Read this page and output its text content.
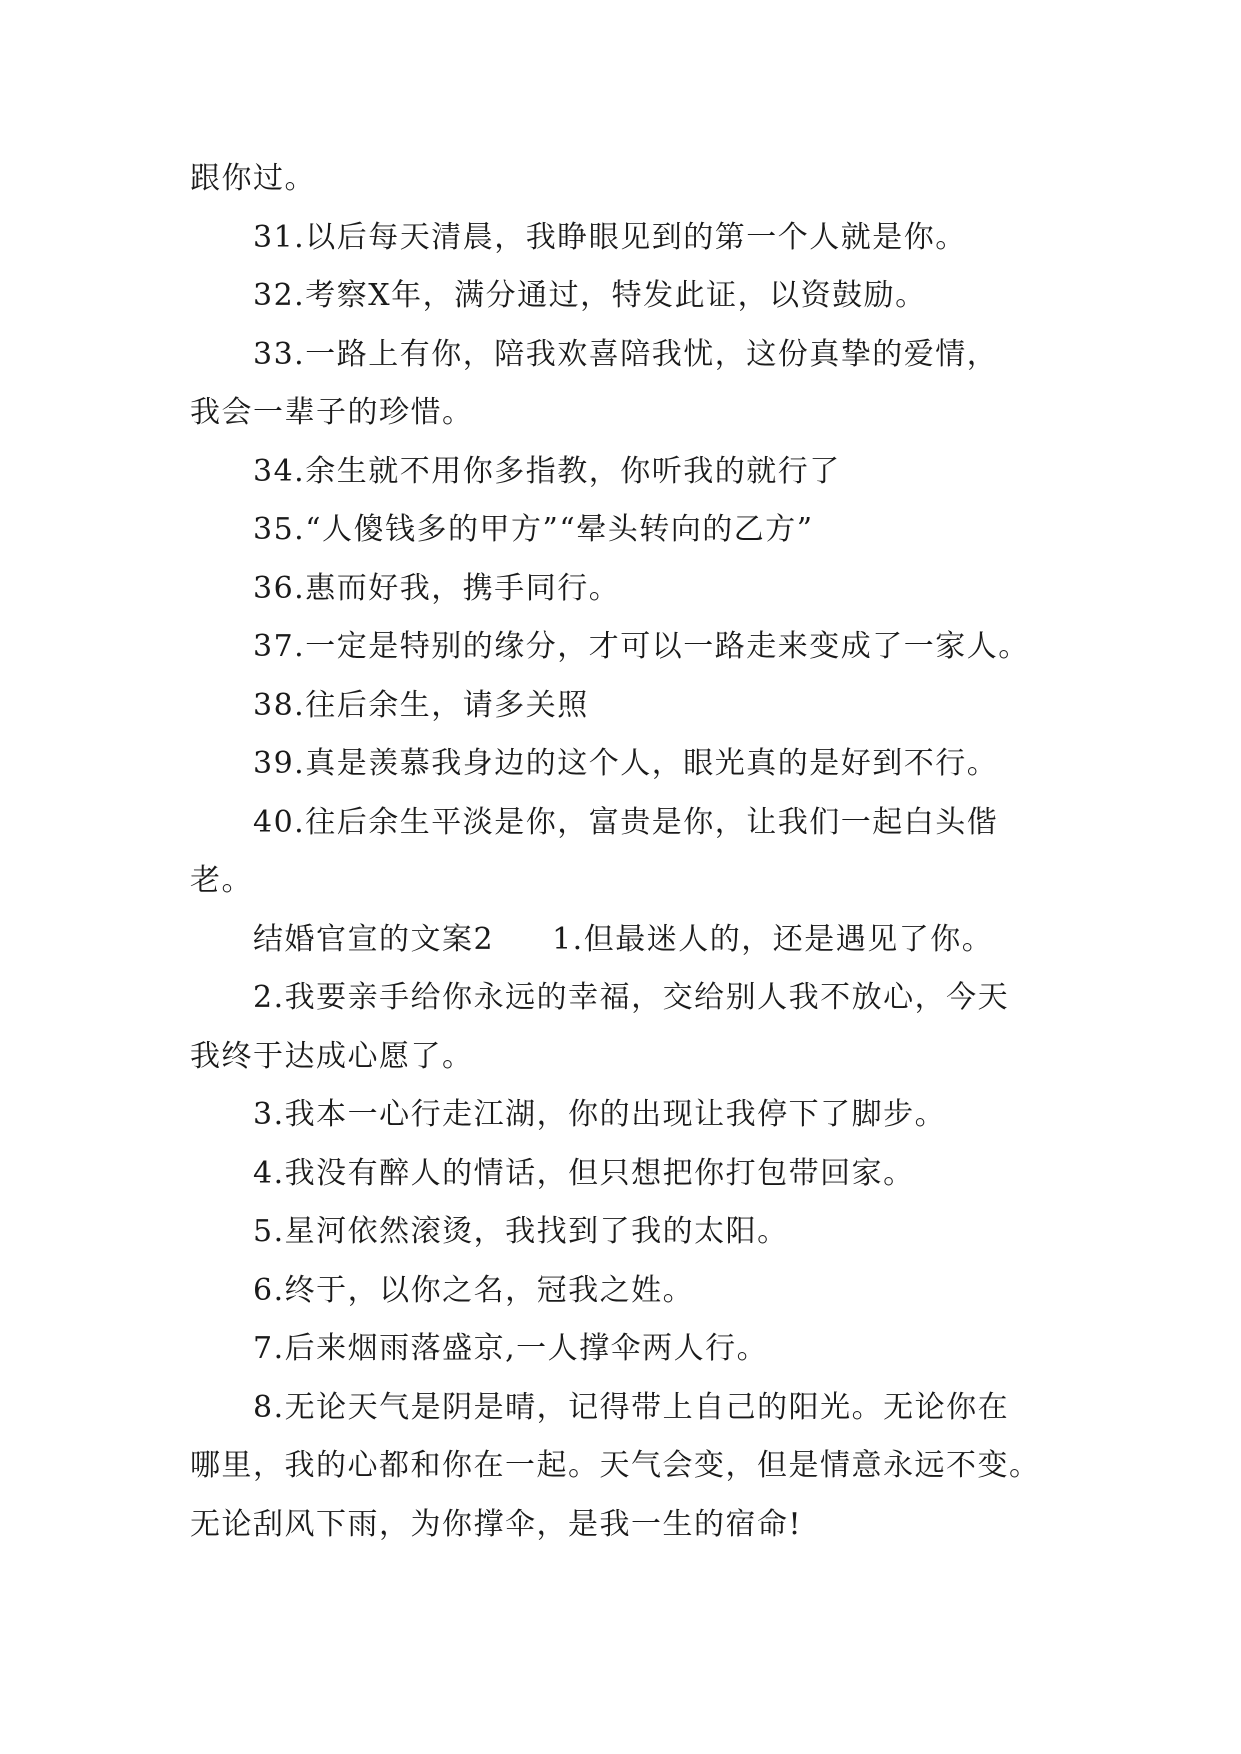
跟你过。

31.以后每天清晨，我睁眼见到的第一个人就是你。

32.考察X年，满分通过，特发此证，以资鼓励。

33.一路上有你，陪我欢喜陪我忧，这份真挚的爱情，

我会一辈子的珍惜。

34.余生就不用你多指教，你听我的就行了

35.“人傻钱多的甲方”“晕头转向的乙方”

36.惠而好我，携手同行。

37.一定是特别的缘分，才可以一路走来变成了一家人。

38.往后余生，请多关照

39.真是羡慕我身边的这个人，眼光真的是好到不行。

40.往后余生平淡是你，富贵是你，让我们一起白头偕

老。

结婚官宣的文案2 1.但最迷人的，还是遇见了你。

2.我要亲手给你永远的幸福，交给别人我不放心，今天

我终于达成心愿了。

3.我本一心行走江湖，你的出现让我停下了脚步。

4.我没有醉人的情话，但只想把你打包带回家。

5.星河依然滚烫，我找到了我的太阳。

6.终于，以你之名，冠我之姓。

7.后来烟雨落盛京,一人撑伞两人行。

8.无论天气是阴是晴，记得带上自己的阳光。无论你在

哪里，我的心都和你在一起。天气会变，但是情意永远不变。

无论刮风下雨，为你撑伞，是我一生的宿命!
